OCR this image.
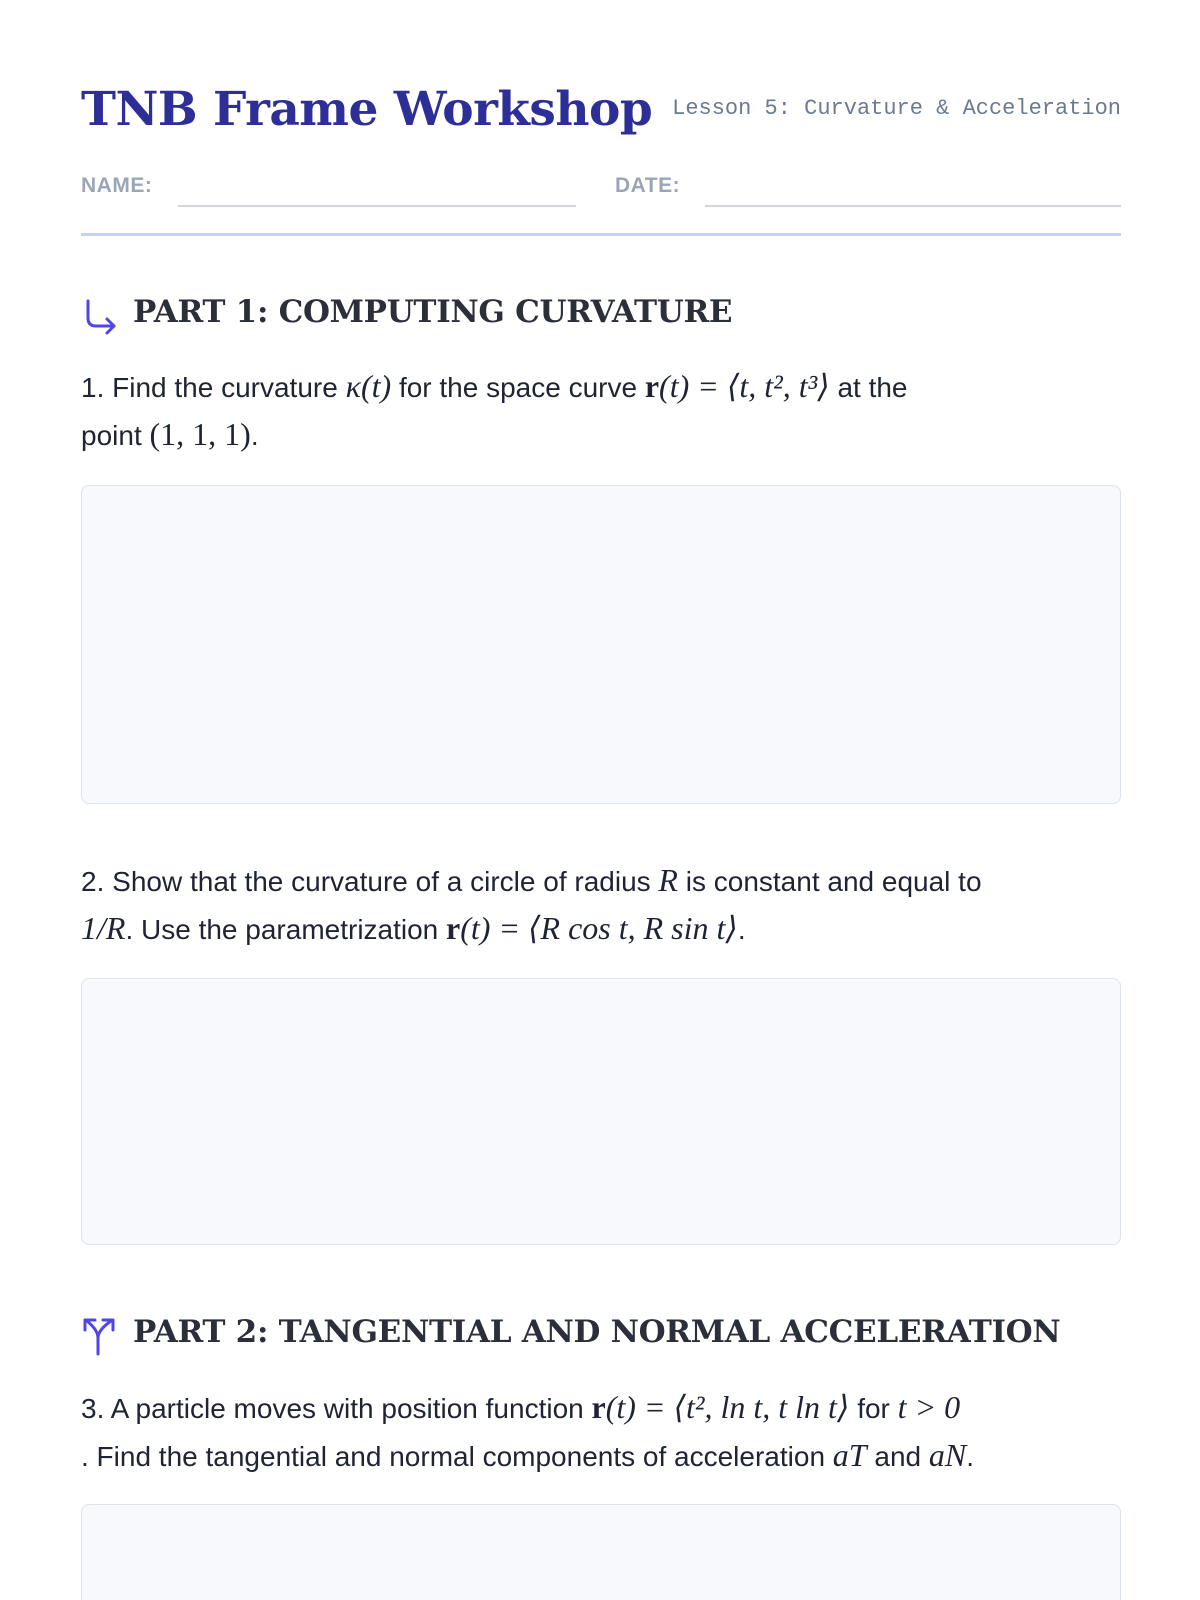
TNB Frame Workshop Lesson 5: Curvature & Acceleration
NAME:	DATE:
PART 1: COMPUTING CURVATURE
1. Find the curvature κ(t) for the space curve r(t) = ⟨t, t², t³⟩ at the
point (1, 1, 1).
2. Show that the curvature of a circle of radius R is constant and equal to
1/R. Use the parametrization r(t) = ⟨R cos t, R sin t⟩.
PART 2: TANGENTIAL AND NORMAL ACCELERATION
3. A particle moves with position function r(t) = ⟨t², ln t, t ln t⟩ for t > 0
. Find the tangential and normal components of acceleration aT and aN.
